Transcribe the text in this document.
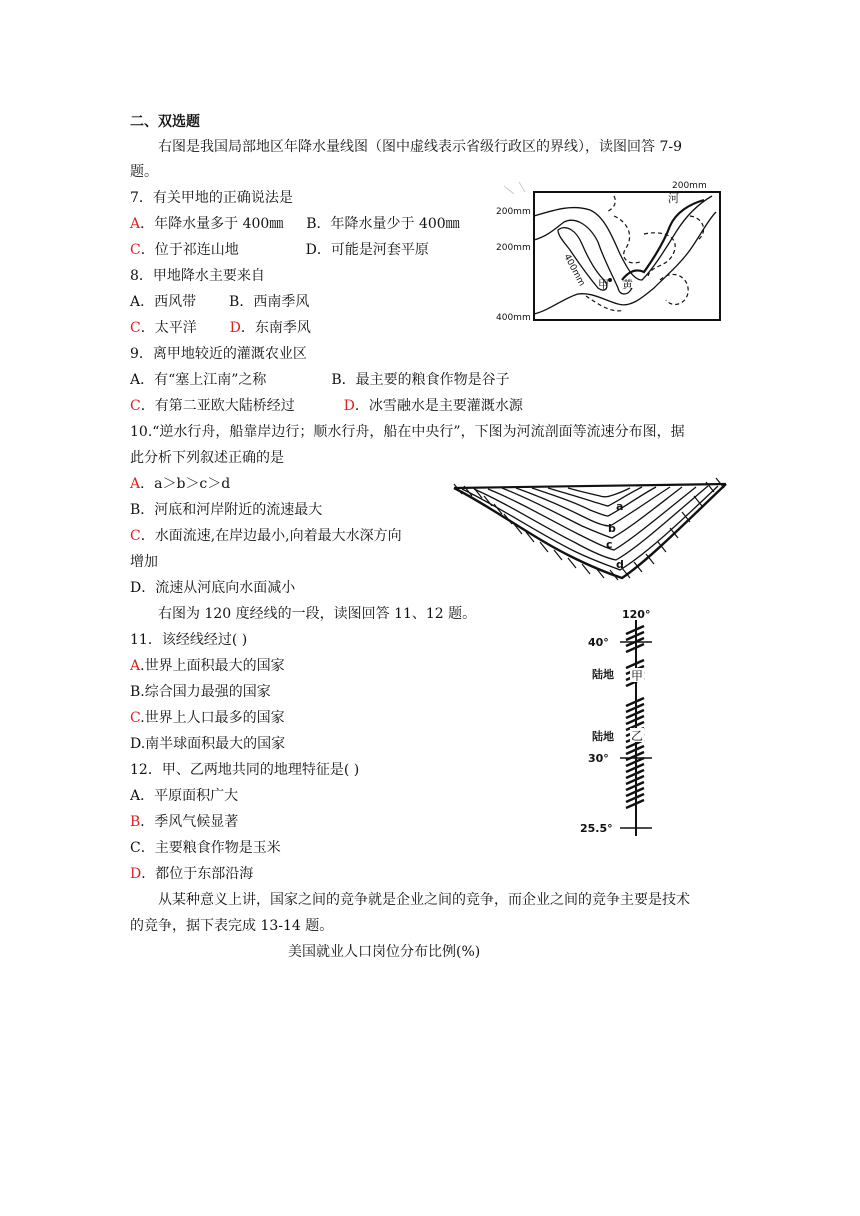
二、双选题
右图是我国局部地区年降水量线图（图中虚线表示省级行政区的界线），读图回答 7-9
题。
7．有关甲地的正确说法是
A．年降水量多于 400㎜ B．年降水量少于 400㎜
C．位于祁连山地	D．可能是河套平原
8．甲地降水主要来自
A．西风带 B．西南季风
C．太平洋 D．东南季风
9．离甲地较近的灌溉农业区
A．有“塞上江南”之称	B．最主要的粮食作物是谷子
C．有第二亚欧大陆桥经过	D．冰雪融水是主要灌溉水源
10.“逆水行舟，船靠岸边行；顺水行舟，船在中央行”，下图为河流剖面等流速分布图，据
此分析下列叙述正确的是
A．a＞b＞c＞d
B．河底和河岸附近的流速最大
C．水面流速,在岸边最小,向着最大水深方向
增加
D．流速从河底向水面减小
右图为 120 度经线的一段，读图回答 11、12 题。
11．该经线经过( )
A.世界上面积最大的国家
B.综合国力最强的国家
C.世界上人口最多的国家
D.南半球面积最大的国家
12．甲、乙两地共同的地理特征是( )
A．平原面积广大
B．季风气候显著
C．主要粮食作物是玉米
D．都位于东部沿海
从某种意义上讲，国家之间的竞争就是企业之间的竞争，而企业之间的竞争主要是技术
的竞争，据下表完成 13-14 题。
美国就业人口岗位分布比例(%)
200mm
200mm
200mm
400mm
400mm
河
甲 黄
a
b
c
d
120°
40°
30°
25.5°
陆地
陆地
甲
乙
